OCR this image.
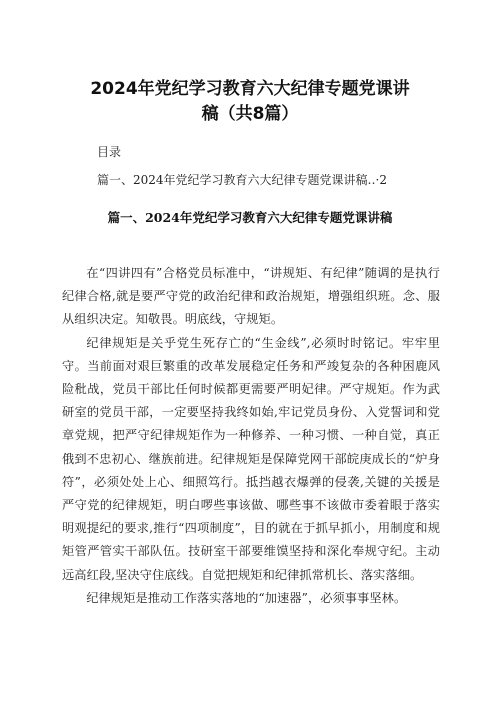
2024年党纪学习教育六大纪律专题党课讲
稿（共8篇）
目录
篇一、2024年党纪学习教育六大纪律专题党课讲稿‥·2
篇一、2024年党纪学习教育六大纪律专题党课讲稿

在“四讲四有”合格党员标准中，“讲规矩、有纪律”随调的是执行纪律合格,就是要严守党的政治纪律和政治规矩，增强组织班。念、服从组织决定。知敬畏。明底线，守规矩。

纪律规矩是关乎党生死存亡的“生金线”,必须时时铭记。牢牢里守。当前面对艰巨繁重的改革发展稳定任务和严竣复杂的各种困鹿风险秕战，党员干部比任何时候都更需要严明妃律。严守规矩。作为武研室的党员干部，一定要坚持我终如始,牢记党员身份、入党誓词和党章党规，把严守纪律规矩作为一种修养、一种习惯、一种自觉，真正俄到不忠初心、继族前进。纪律规矩是保障党网干部皖庚成长的“炉身符”，必须处处上心、细照笃行。抵挡越衣爆弹的侵袭,关键的关援是严守党的纪律规矩，明白啰些事该做、哪些事不该做市委着眼于落实明观提纪的要求,推行“四项制度”，目的就在于抓早抓小，用制度和规矩管严管实干部队伍。技研室干部要维馍坚持和深化奉规守纪。主动远高红段,坚决守住底线。自觉把规矩和纪律抓常机长、落实落细。

纪律规矩是推动工作落实落地的“加速器”，必须事事坚林。
